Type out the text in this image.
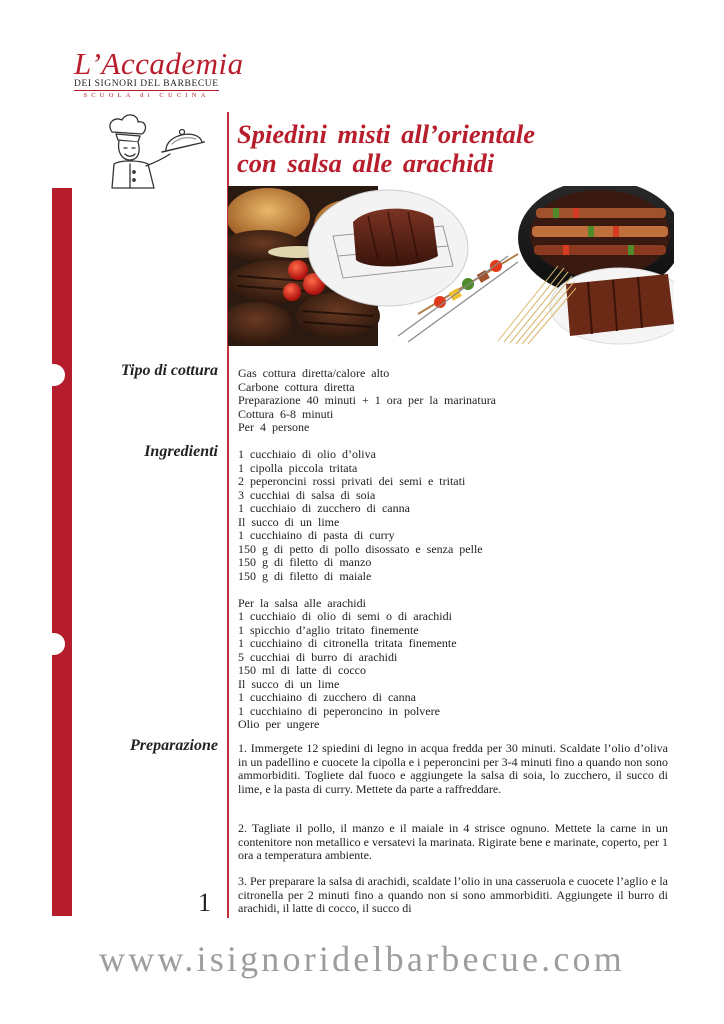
L’Accademia
DEI SIGNORI DEL BARBECUE
SCUOLA di CUCINA
Spiedini misti all’orientale
con salsa alle arachidi
Tipo di cottura Gas cottura diretta/calore alto
Carbone cottura diretta
Preparazione 40 minuti + 1 ora per la marinatura
Cottura 6-8 minuti
Per 4 persone
Ingredienti 1 cucchiaio di olio d’oliva
1 cipolla piccola tritata
2 peperoncini rossi privati dei semi e tritati
3 cucchiai di salsa di soia
1 cucchiaio di zucchero di canna
Il succo di un lime
1 cucchiaino di pasta di curry
150 g di petto di pollo disossato e senza pelle
150 g di filetto di manzo
150 g di filetto di maiale
Per la salsa alle arachidi
1 cucchiaio di olio di semi o di arachidi
1 spicchio d’aglio tritato finemente
1 cucchiaino di citronella tritata finemente
5 cucchiai di burro di arachidi
150 ml di latte di cocco
Il succo di un lime
1 cucchiaino di zucchero di canna
1 cucchiaino di peperoncino in polvere
Olio per ungere
Preparazione 1. Immergete 12 spiedini di legno in acqua fredda per 30 minuti. Scaldate l’olio d’oliva in un padellino e cuocete la cipolla e i peperoncini per 3-4 minuti fino a quando non sono ammorbiditi. Togliete dal fuoco e aggiungete la salsa di soia, lo zucchero, il succo di lime, e la pasta di curry. Mettete da parte a raffreddare.
2. Tagliate il pollo, il manzo e il maiale in 4 strisce ognuno. Mettete la carne in un contenitore non metallico e versatevi la marinata. Rigirate bene e marinate, coperto, per 1 ora a temperatura ambiente.
3. Per preparare la salsa di arachidi, scaldate l’olio in una casseruola e cuocete l’aglio e la citronella per 2 minuti fino a quando non si sono ammorbiditi. Aggiungete il burro di arachidi, il latte di cocco, il succo di
1
www.isignoridelbarbecue.com
